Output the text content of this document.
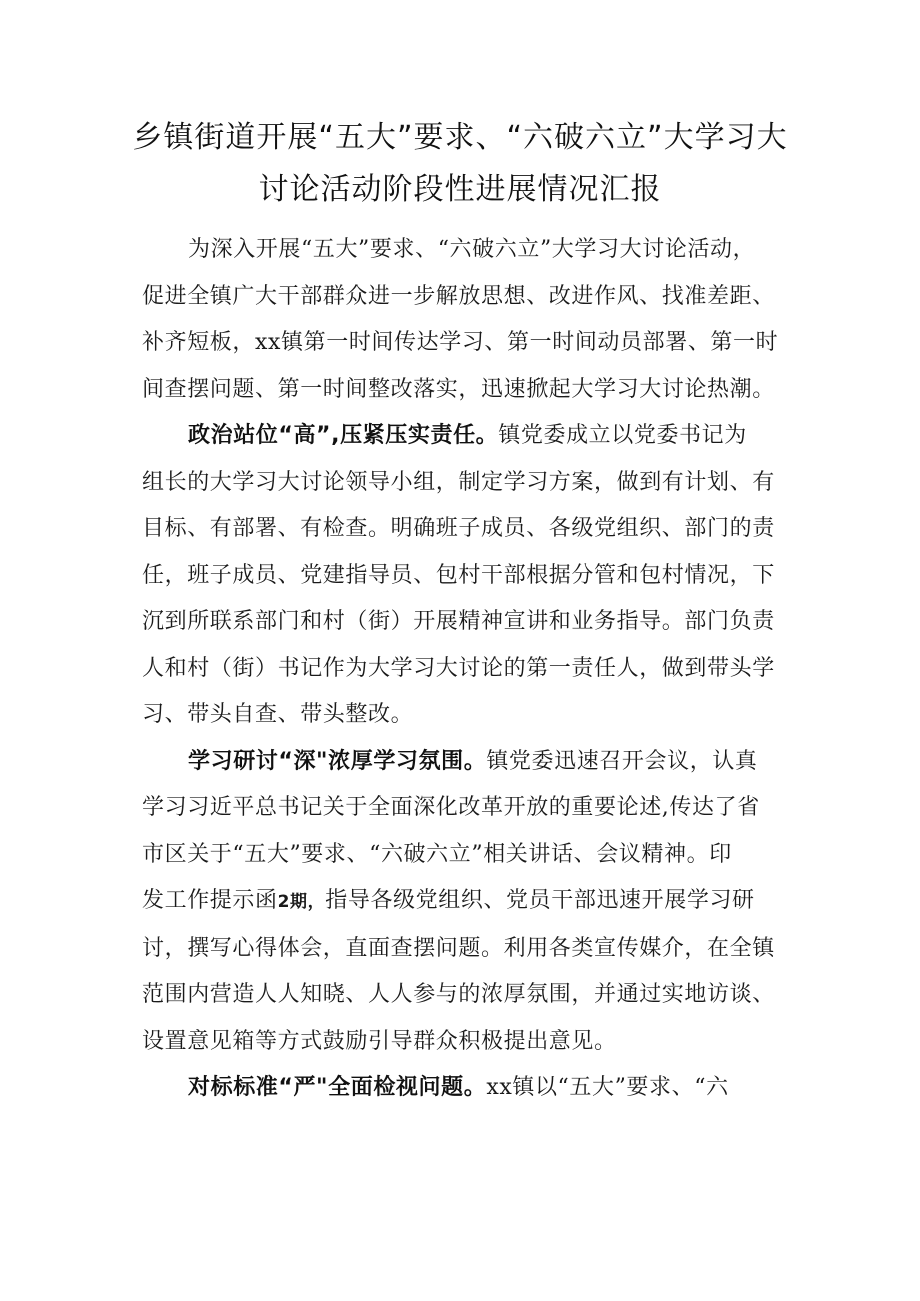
乡镇街道开展“五大”要求、“六破六立”大学习大
讨论活动阶段性进展情况汇报

为深入开展“五大”要求、“六破六立”大学习大讨论活动，
促进全镇广大干部群众进一步解放思想、改进作风、找准差距、
补齐短板，xx镇第一时间传达学习、第一时间动员部署、第一时
间查摆问题、第一时间整改落实，迅速掀起大学习大讨论热潮。

政治站位“高”,压紧压实责任。镇党委成立以党委书记为
组长的大学习大讨论领导小组，制定学习方案，做到有计划、有
目标、有部署、有检查。明确班子成员、各级党组织、部门的责
任，班子成员、党建指导员、包村干部根据分管和包村情况，下
沉到所联系部门和村（街）开展精神宣讲和业务指导。部门负责
人和村（街）书记作为大学习大讨论的第一责任人，做到带头学
习、带头自查、带头整改。

学习研讨“深"浓厚学习氛围。镇党委迅速召开会议，认真
学习习近平总书记关于全面深化改革开放的重要论述,传达了省
市区关于“五大”要求、“六破六立”相关讲话、会议精神。印
发工作提示函2期，指导各级党组织、党员干部迅速开展学习研
讨，撰写心得体会，直面查摆问题。利用各类宣传媒介，在全镇
范围内营造人人知晓、人人参与的浓厚氛围，并通过实地访谈、
设置意见箱等方式鼓励引导群众积极提出意见。

对标标准“严"全面检视问题。xx镇以“五大”要求、“六
